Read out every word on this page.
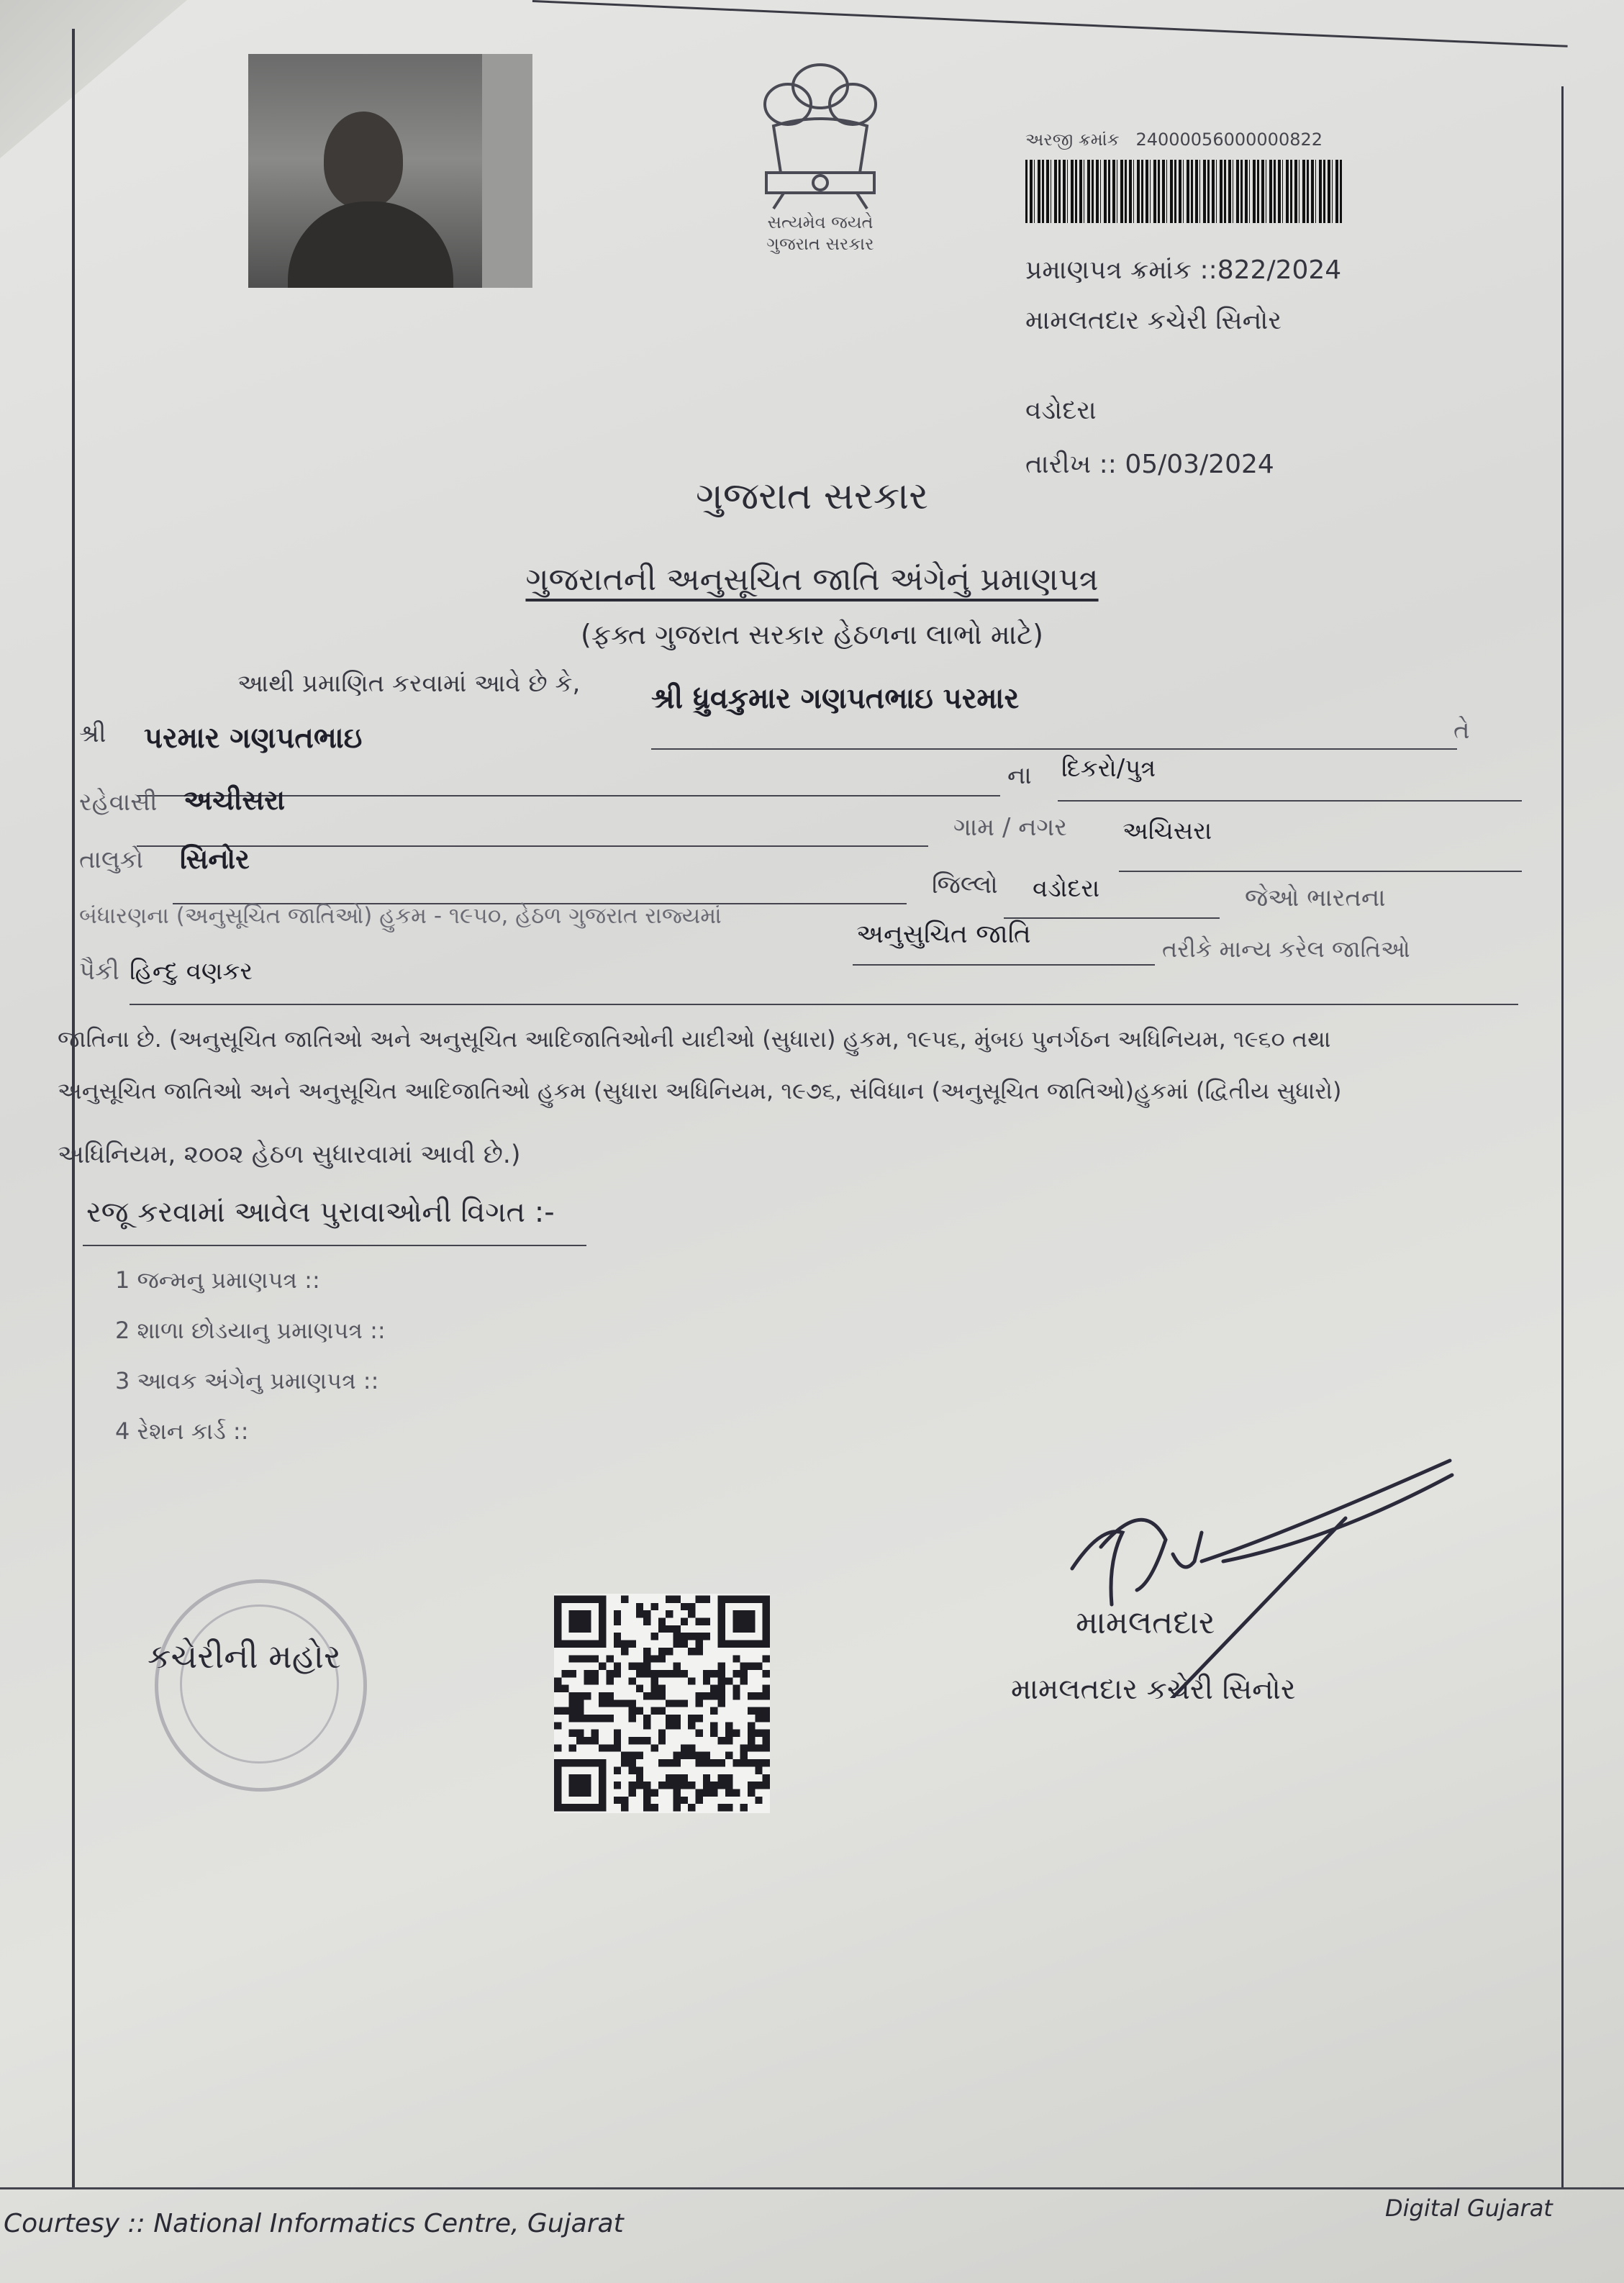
સત્યમેવ જયતે
ગુજરાત સરકાર
અરજી ક્રમાંક 24000056000000822
પ્રમાણપત્ર ક્રમાંક ::822/2024
મામલતદાર કચેરી સિનોર
વડોદરા
તારીખ :: 05/03/2024
ગુજરાત સરકાર
ગુજરાતની અનુસૂચિત જાતિ અંગેનું પ્રમાણપત્ર
(ફક્ત ગુજરાત સરકાર હેઠળના લાભો માટે)
આથી પ્રમાણિત કરવામાં આવે છે કે, શ્રી ધ્રુવકુમાર ગણપતભાઇ પરમાર
તે
શ્રી પરમાર ગણપતભાઇ
ના દિકરો/પુત્ર
રહેવાસી અચીસરા
ગામ / નગર અચિસરા
તાલુકો સિનોર
જિલ્લો વડોદરા	જેઓ ભારતના
બંધારણના (અનુસૂચિત જાતિઓ) હુકમ - ૧૯૫૦, હેઠળ ગુજરાત રાજ્યમાં
અનુસુચિત જાતિ	તરીકે માન્ય કરેલ જાતિઓ
પૈકી હિન્દુ વણકર
જાતિના છે. (અનુસૂચિત જાતિઓ અને અનુસૂચિત આદિજાતિઓની યાદીઓ (સુધારા) હુકમ, ૧૯૫૬, મુંબઇ પુનર્ગઠન અધિનિયમ, ૧૯૬૦ તથા
અનુસૂચિત જાતિઓ અને અનુસૂચિત આદિજાતિઓ હુકમ (સુધારા અધિનિયમ, ૧૯૭૬, સંવિધાન (અનુસૂચિત જાતિઓ)હુકમાં (દ્વિતીય સુધારો)
અધિનિયમ, ૨૦૦૨ હેઠળ સુધારવામાં આવી છે.)
રજૂ કરવામાં આવેલ પુરાવાઓની વિગત :-
1 જન્મનુ પ્રમાણપત્ર ::
2 શાળા છોડયાનુ પ્રમાણપત્ર ::
3 આવક અંગેનુ પ્રમાણપત્ર ::
4 રેશન કાર્ડ ::
કચેરીની મહોર
મામલતદાર
મામલતદાર કચેરી સિનોર
Courtesy :: National Informatics Centre, Gujarat
Digital Gujarat
